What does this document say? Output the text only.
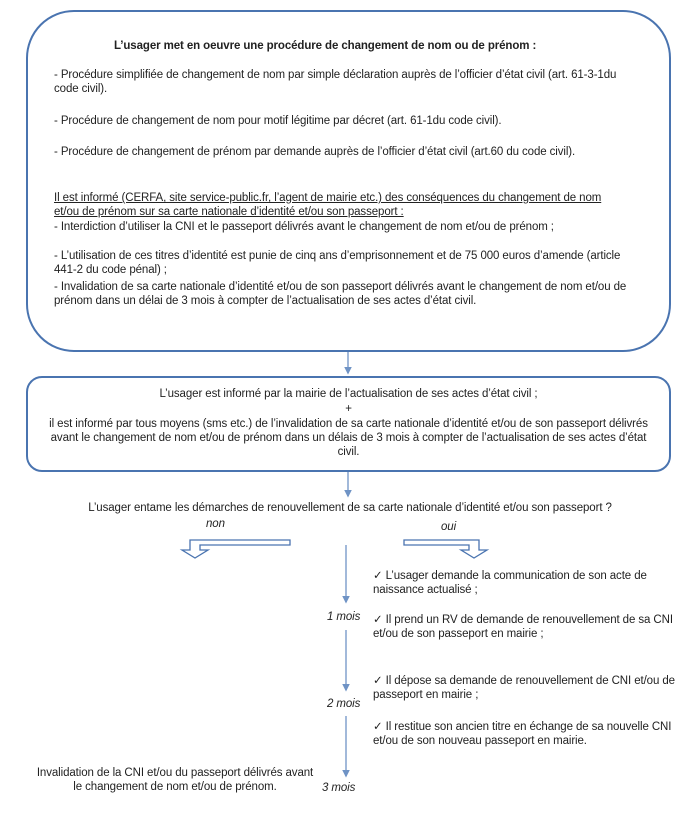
L’usager met en oeuvre une procédure de changement de nom ou de prénom :
- Procédure simplifiée de changement de nom par simple déclaration auprès de l’officier d’état civil (art. 61-3-1du code civil).
- Procédure de changement de nom pour motif légitime par décret (art. 61-1du code civil).
- Procédure de changement de prénom par demande auprès de l’officier d’état civil (art.60 du code civil).
Il est informé (CERFA, site service-public.fr, l’agent de mairie etc.) des conséquences du changement de nom et/ou de prénom sur sa carte nationale d’identité et/ou son passeport :
- Interdiction d’utiliser la CNI et le passeport délivrés avant le changement de nom et/ou de prénom ;
- L’utilisation de ces titres d’identité est punie de cinq ans d’emprisonnement et de 75 000 euros d’amende (article 441-2 du code pénal) ;
- Invalidation de sa carte nationale d’identité et/ou de son passeport délivrés avant le changement de nom et/ou de prénom dans un délai de 3 mois à compter de l’actualisation de ses actes d’état civil.
L’usager est informé par la mairie de l’actualisation de ses actes d’état civil ;
+
il est informé par tous moyens (sms etc.) de l’invalidation de sa carte nationale d’identité et/ou de son passeport délivrés avant le changement de nom et/ou de prénom dans un délais de 3 mois à compter de l’actualisation de ses actes d’état civil.
L’usager entame les démarches de renouvellement de sa carte nationale d’identité et/ou son passeport ?
non	oui
1 mois
2 mois
3 mois
✓ L’usager demande la communication de son acte de naissance actualisé ;
✓ Il prend un RV de demande de renouvellement de sa CNI et/ou de son passeport en mairie ;
✓ Il dépose sa demande de renouvellement de CNI et/ou de passeport en mairie ;
✓ Il restitue son ancien titre en échange de sa nouvelle CNI et/ou de son nouveau passeport en mairie.
Invalidation de la CNI et/ou du passeport délivrés avant le changement de nom et/ou de prénom.
